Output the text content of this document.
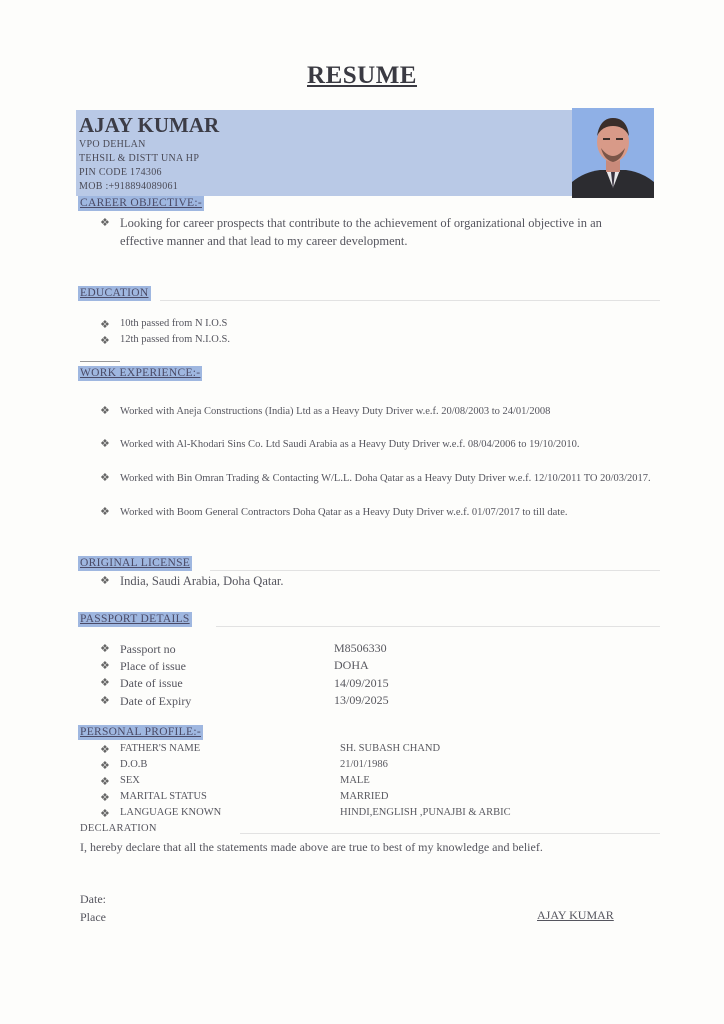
RESUME
AJAY KUMAR
VPO DEHLAN
TEHSIL & DISTT UNA HP
PIN CODE 174306
MOB :+918894089061
CAREER OBJECTIVE:-
❖ Looking for career prospects that contribute to the achievement of organizational objective in an effective manner and that lead to my career development.
EDUCATION
❖ 10th passed from N I.O.S
❖ 12th passed from N.I.O.S.
WORK EXPERIENCE:-
❖ Worked with Aneja Constructions (India) Ltd as a Heavy Duty Driver w.e.f. 20/08/2003 to 24/01/2008
❖ Worked with Al-Khodari Sins Co. Ltd Saudi Arabia as a Heavy Duty Driver w.e.f. 08/04/2006 to 19/10/2010.
❖ Worked with Bin Omran Trading & Contacting W/L.L. Doha Qatar as a Heavy Duty Driver w.e.f. 12/10/2011 TO 20/03/2017.
❖ Worked with Boom General Contractors Doha Qatar as a Heavy Duty Driver w.e.f. 01/07/2017 to till date.
ORIGINAL LICENSE
❖ India, Saudi Arabia, Doha Qatar.
PASSPORT DETAILS
❖ Passport no	M8506330
❖ Place of issue	DOHA
❖ Date of issue	14/09/2015
❖ Date of Expiry	13/09/2025
PERSONAL PROFILE:-
❖ FATHER'S NAME	SH. SUBASH CHAND
❖ D.O.B	21/01/1986
❖ SEX	MALE
❖ MARITAL STATUS	MARRIED
❖ LANGUAGE KNOWN	HINDI,ENGLISH ,PUNAJBI & ARBIC
DECLARATION
I, hereby declare that all the statements made above are true to best of my knowledge and belief.
Date:
Place	AJAY KUMAR
